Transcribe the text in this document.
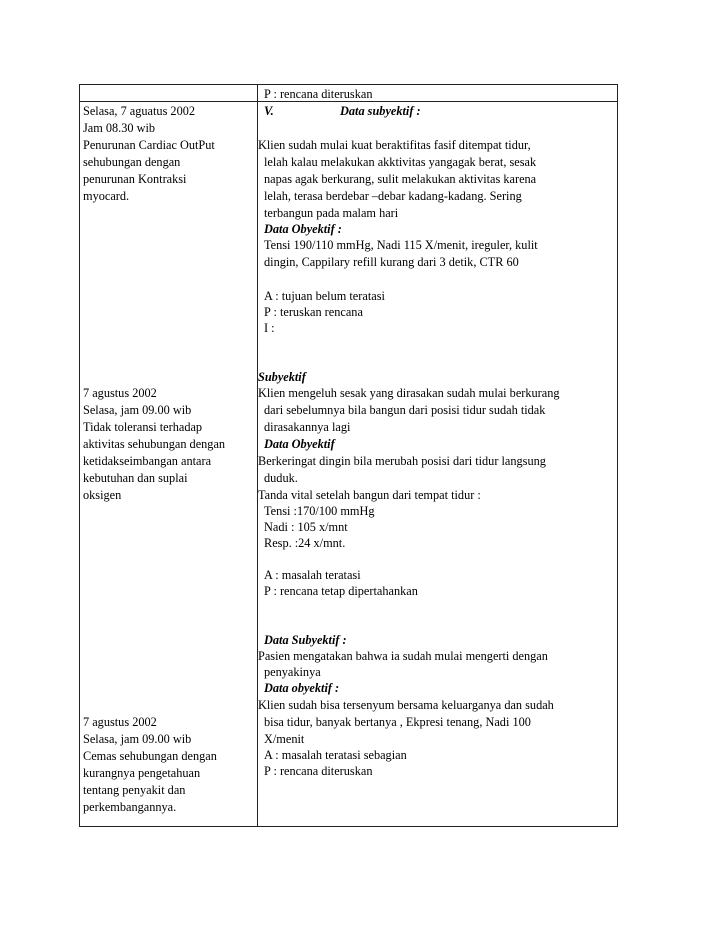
P : rencana diteruskan
Selasa, 7 aguatus 2002
Jam 08.30 wib
Penurunan Cardiac OutPut
sehubungan dengan
penurunan Kontraksi
myocard.
V.	Data subyektif :
Klien sudah mulai kuat beraktifitas fasif ditempat tidur,
lelah kalau melakukan akktivitas yangagak berat, sesak
napas agak berkurang, sulit melakukan aktivitas karena
lelah, terasa berdebar –debar kadang-kadang. Sering
terbangun pada malam hari
Data Obyektif :
Tensi 190/110 mmHg, Nadi 115 X/menit, ireguler, kulit
dingin, Cappilary refill kurang dari 3 detik, CTR 60
A : tujuan belum teratasi
P : teruskan rencana
I :
7 agustus 2002
Selasa, jam 09.00 wib
Tidak toleransi terhadap
aktivitas sehubungan dengan
ketidakseimbangan antara
kebutuhan dan suplai
oksigen
Subyektif
Klien mengeluh sesak yang dirasakan sudah mulai berkurang
dari sebelumnya bila bangun dari posisi tidur sudah tidak
dirasakannya lagi
Data Obyektif
Berkeringat dingin bila merubah posisi dari tidur langsung
duduk.
Tanda vital setelah bangun dari tempat tidur :
Tensi :170/100 mmHg
Nadi : 105 x/mnt
Resp. :24 x/mnt.
A : masalah teratasi
P : rencana tetap dipertahankan
Data Subyektif :
Pasien mengatakan bahwa ia sudah mulai mengerti dengan
penyakinya
Data obyektif :
Klien sudah bisa tersenyum bersama keluarganya dan sudah
bisa tidur, banyak bertanya , Ekpresi tenang, Nadi 100
X/menit
A : masalah teratasi sebagian
P : rencana diteruskan
7 agustus 2002
Selasa, jam 09.00 wib
Cemas sehubungan dengan
kurangnya pengetahuan
tentang penyakit dan
perkembangannya.
